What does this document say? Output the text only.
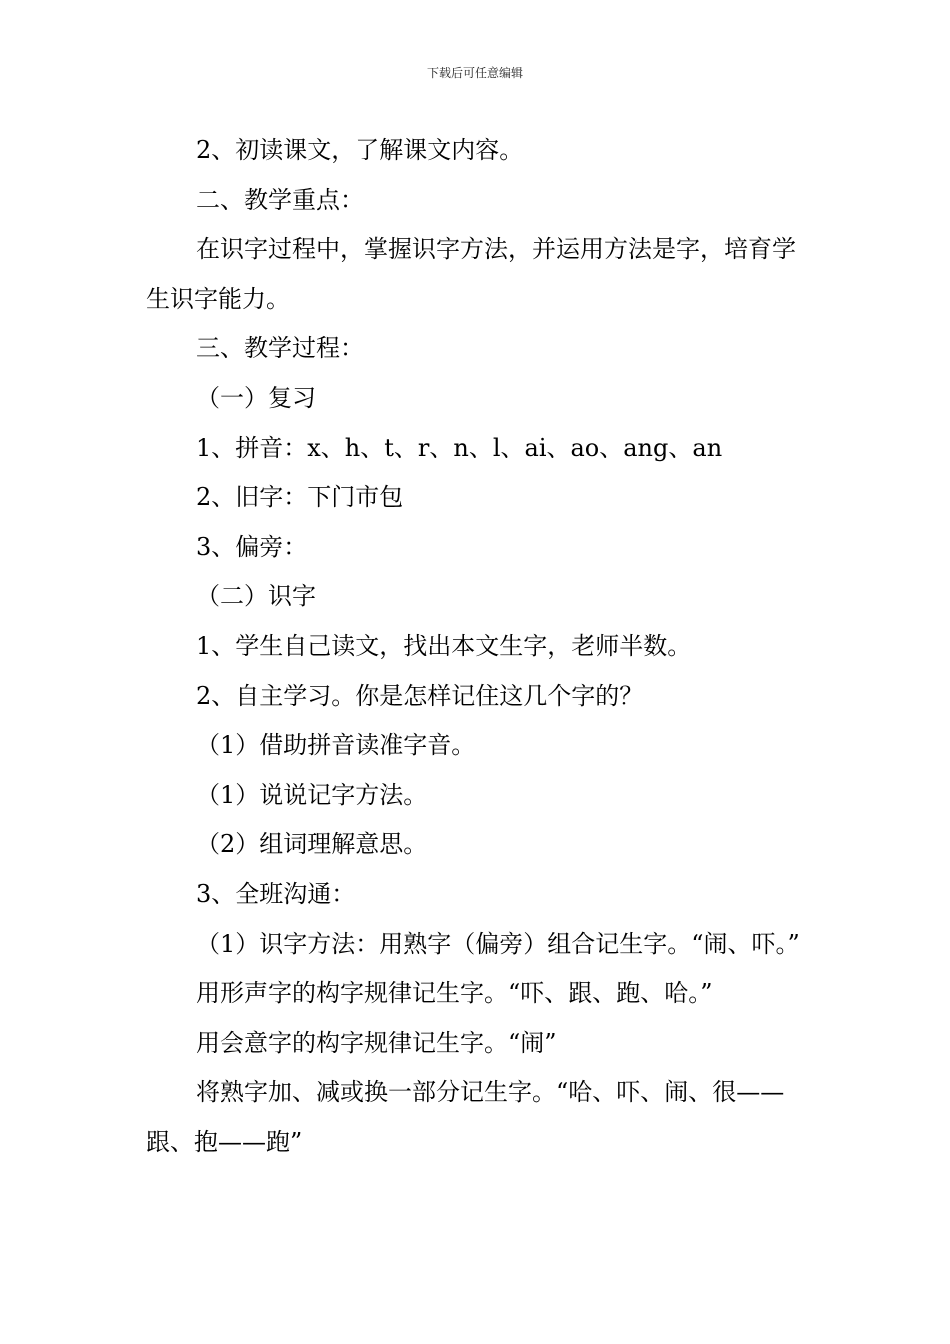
下载后可任意编辑

2、初读课文，了解课文内容。

二、教学重点：

在识字过程中，掌握识字方法，并运用方法是字，培育学生识字能力。

三、教学过程：

（一）复习

1、拼音：x、h、t、r、n、l、ai、ao、ang、an

2、旧字：下门市包

3、偏旁：

（二）识字

1、学生自己读文，找出本文生字，老师半数。

2、自主学习。你是怎样记住这几个字的？

（1）借助拼音读准字音。

（1）说说记字方法。

（2）组词理解意思。

3、全班沟通：

（1）识字方法：用熟字（偏旁）组合记生字。“闹、吓。”

用形声字的构字规律记生字。“吓、跟、跑、哈。”

用会意字的构字规律记生字。“闹”

将熟字加、减或换一部分记生字。“哈、吓、闹、很——跟、抱——跑”
